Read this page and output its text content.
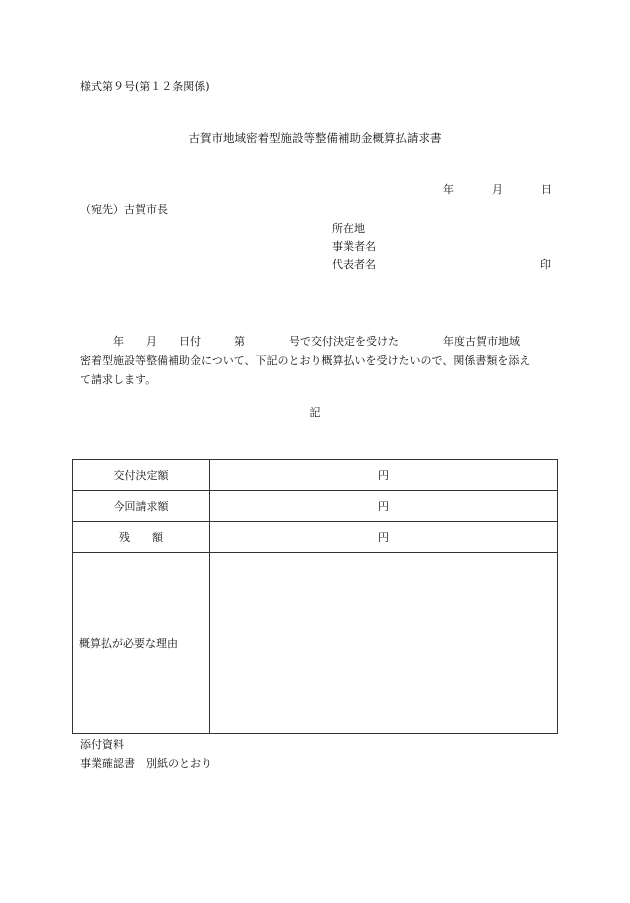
様式第９号(第１２条関係)
古賀市地域密着型施設等整備補助金概算払請求書
年	月	日
（宛先）古賀市長
所在地
事業者名
代表者名	印
　　　年　　月　　日付　　　第　　　　号で交付決定を受けた　　　　年度古賀市地域
密着型施設等整備補助金について、下記のとおり概算払いを受けたいので、関係書類を添え
て請求します。
記
交付決定額	円
今回請求額	円
残　　額	円
概算払が必要な理由	
添付資料
事業確認書　別紙のとおり
